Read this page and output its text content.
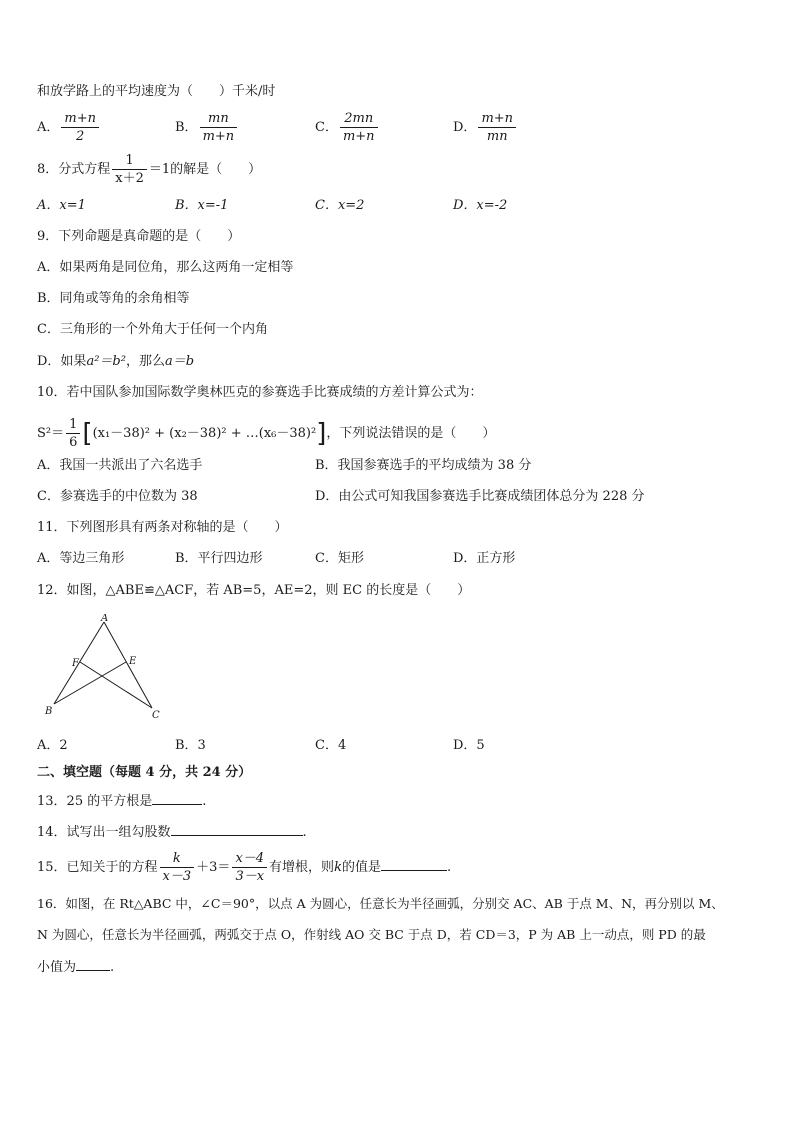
和放学路上的平均速度为（　　）千米/时
A． $\frac{m+n}{2}$	B． $\frac{mn}{m+n}$	C． $\frac{2mn}{m+n}$	D． $\frac{m+n}{mn}$
8．分式方程 $\frac{1}{x+2} =1$的解是（　　）
A．x=1	B．x=-1	C．x=2	D．x=-2
9．下列命题是真命题的是（　　）
A．如果两角是同位角，那么这两角一定相等
B．同角或等角的余角相等
C．三角形的一个外角大于任何一个内角
D．如果a²＝b²，那么a＝b
10．若中国队参加国际数学奥林匹克的参赛选手比赛成绩的方差计算公式为：
$S^2= \frac{1}{6} [(x_1-38)^2 + (x_2-38)^2$ + …(x₆－38)²]，下列说法错误的是（　　）
A．我国一共派出了六名选手	B．我国参赛选手的平均成绩为 38 分
C．参赛选手的中位数为 38	D．由公式可知我国参赛选手比赛成绩团体总分为 228 分
11．下列图形具有两条对称轴的是（　　）
A．等边三角形	B．平行四边形	C．矩形	D．正方形
12．如图，△ABE≌△ACF，若 AB=5，AE=2，则 EC 的长度是（　　）
A
F	E
B	C
A．2	B．3	C．4	D．5
二、填空题（每题 4 分，共 24 分）
13．25 的平方根是	.
14．试写出一组勾股数	.
15．已知关于的方程 $\frac{k}{x-3} +3= \frac{x-4}{3-x}$ 有增根，则k的值是	.
16．如图，在 Rt△ABC 中，∠C＝90°，以点 A 为圆心，任意长为半径画弧，分别交 AC、AB 于点 M、N，再分别以 M、
N 为圆心，任意长为半径画弧，两弧交于点 O，作射线 AO 交 BC 于点 D，若 CD＝3，P 为 AB 上一动点，则 PD 的最
小值为	.
